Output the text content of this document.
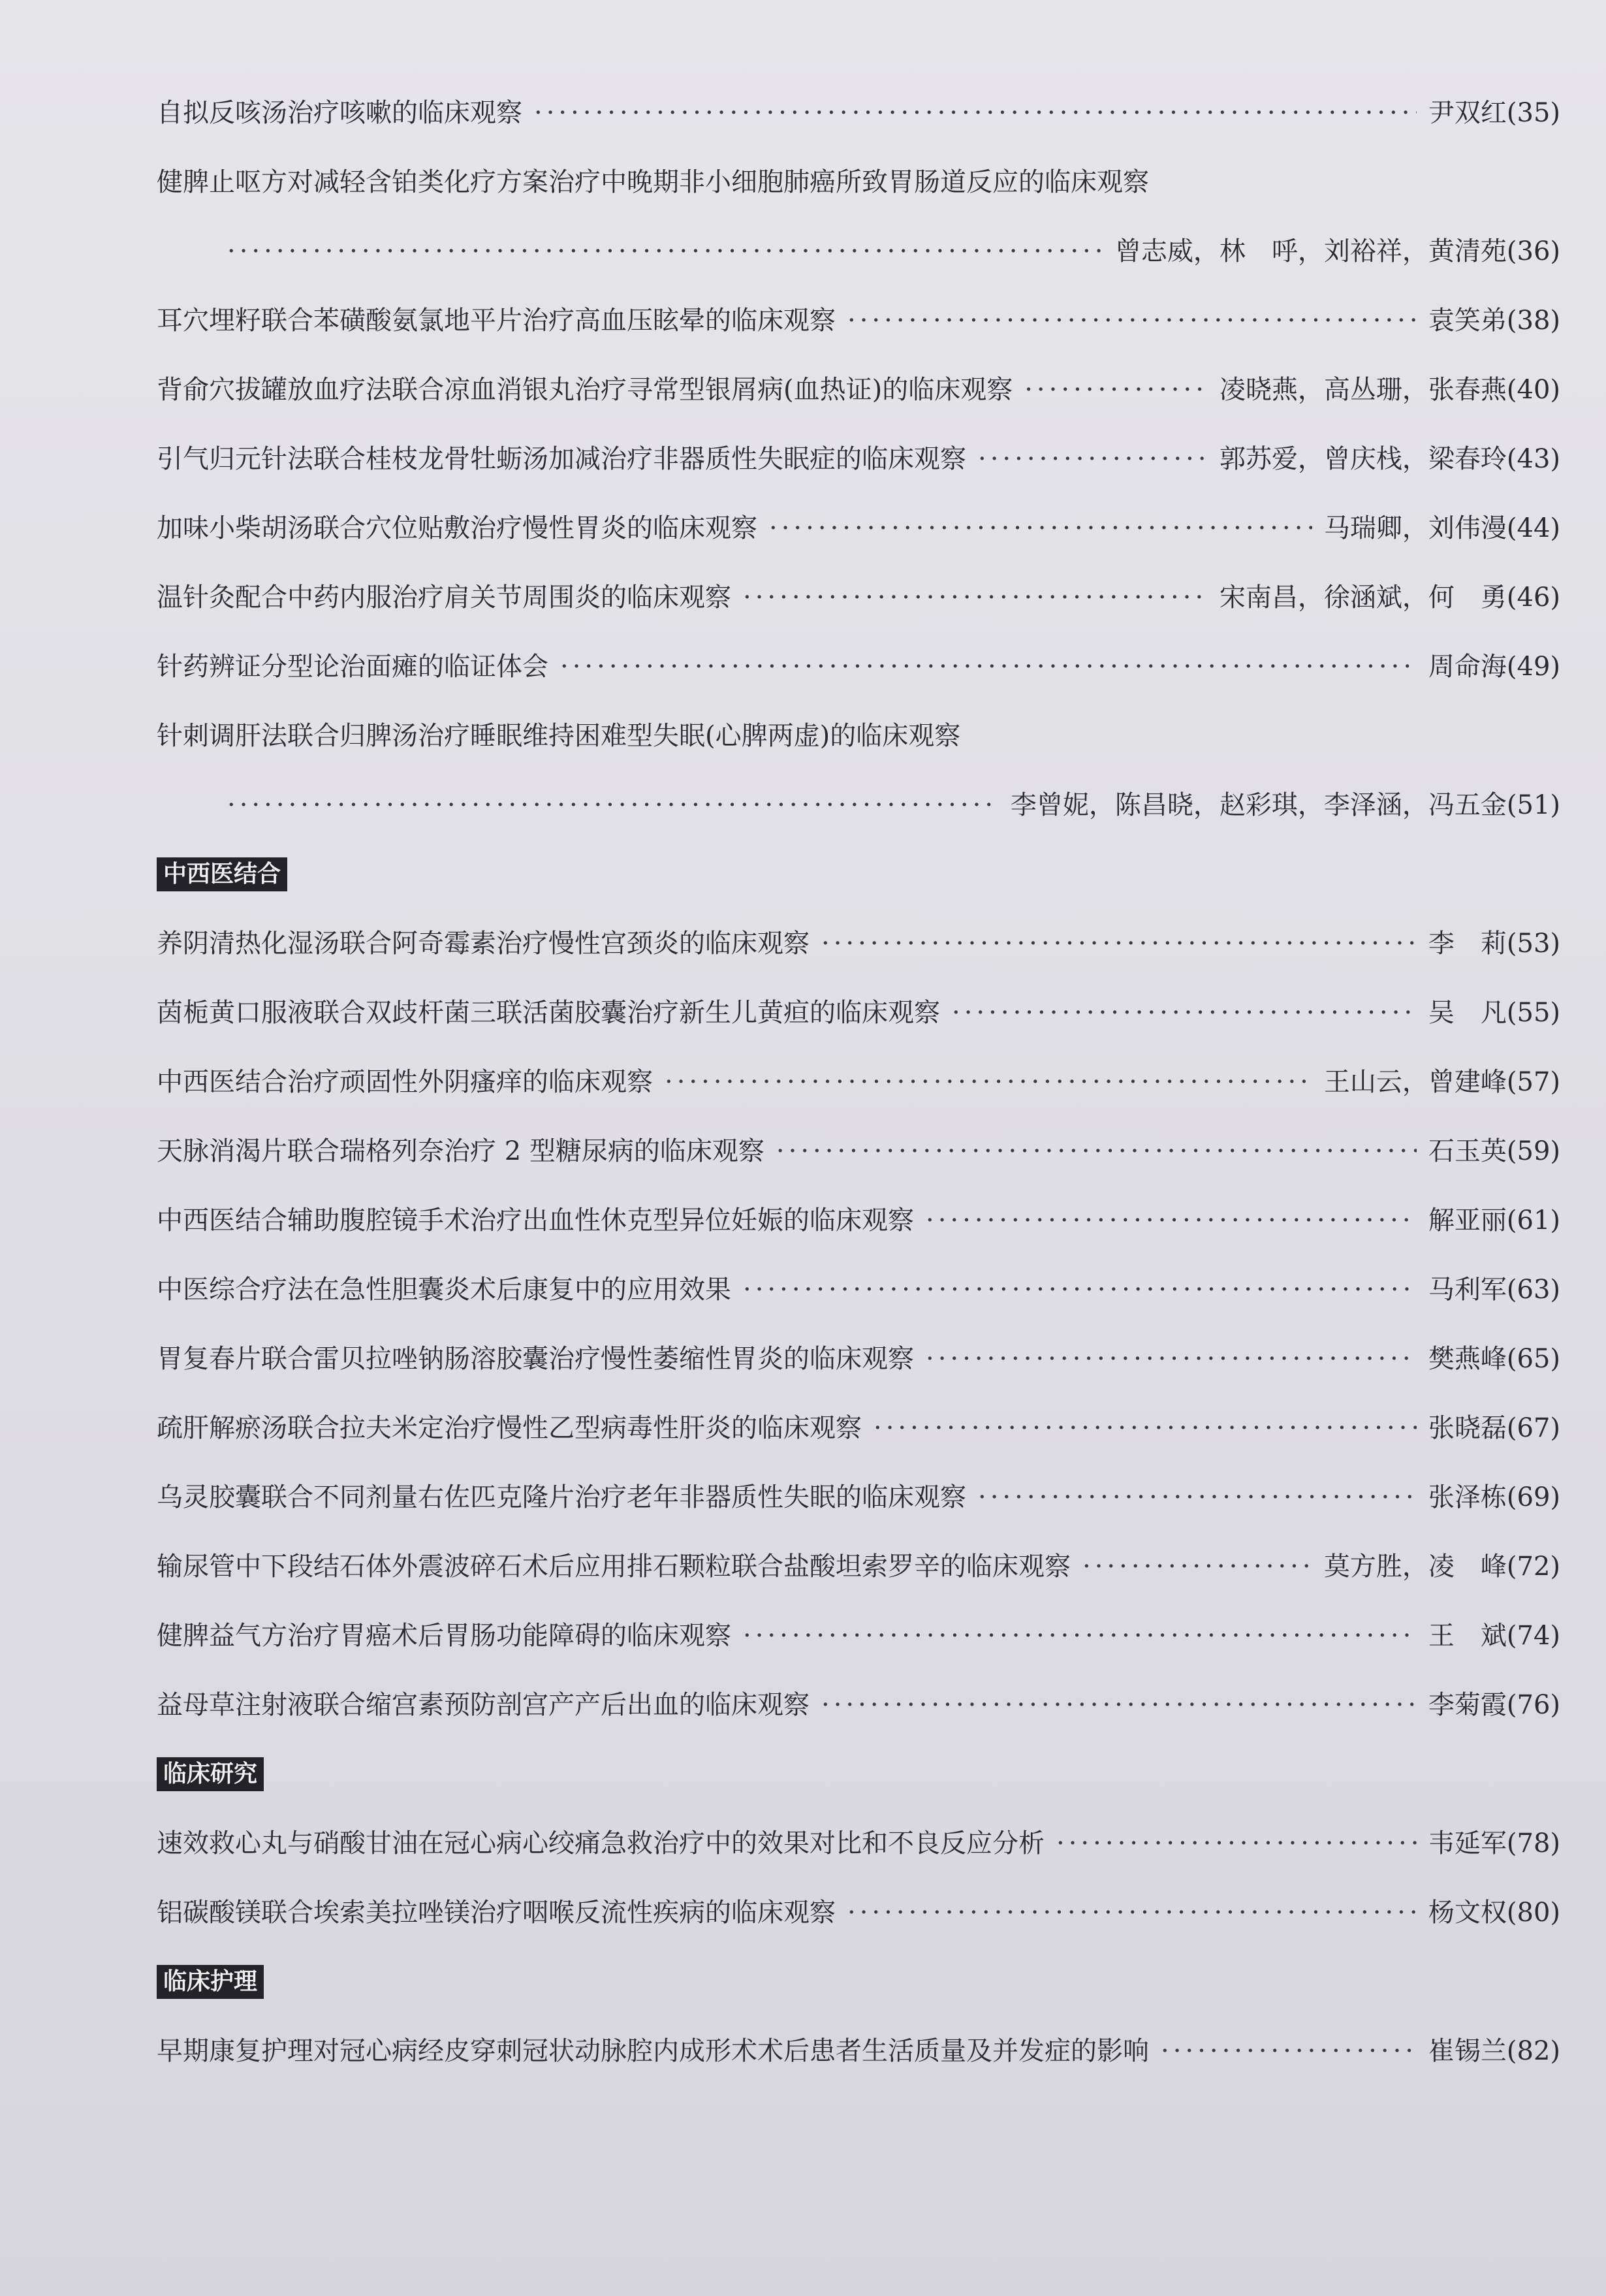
自拟反咳汤治疗咳嗽的临床观察 ·····	尹双红(35)
健脾止呕方对减轻含铂类化疗方案治疗中晚期非小细胞肺癌所致胃肠道反应的临床观察
·····
曾志威，林　呼，刘裕祥，黄清苑(36)
耳穴埋籽联合苯磺酸氨氯地平片治疗高血压眩晕的临床观察 ·····	袁笑弟(38)
背俞穴拔罐放血疗法联合凉血消银丸治疗寻常型银屑病(血热证)的临床观察 ·····	凌晓燕，高丛珊，张春燕(40)
引气归元针法联合桂枝龙骨牡蛎汤加减治疗非器质性失眠症的临床观察 ·····	郭苏爱，曾庆栈，梁春玲(43)
加味小柴胡汤联合穴位贴敷治疗慢性胃炎的临床观察 ·····	马瑞卿，刘伟漫(44)
温针灸配合中药内服治疗肩关节周围炎的临床观察 ·····	宋南昌，徐涵斌，何　勇(46)
针药辨证分型论治面瘫的临证体会 ·····	周命海(49)
针刺调肝法联合归脾汤治疗睡眠维持困难型失眠(心脾两虚)的临床观察
·····
李曾妮，陈昌晓，赵彩琪，李泽涵，冯五金(51)
中西医结合
养阴清热化湿汤联合阿奇霉素治疗慢性宫颈炎的临床观察 ·····	李　莉(53)
茵栀黄口服液联合双歧杆菌三联活菌胶囊治疗新生儿黄疸的临床观察 ·····	吴　凡(55)
中西医结合治疗顽固性外阴瘙痒的临床观察 ·····	王山云，曾建峰(57)
天脉消渴片联合瑞格列奈治疗 2 型糖尿病的临床观察 ·····	石玉英(59)
中西医结合辅助腹腔镜手术治疗出血性休克型异位妊娠的临床观察 ·····	解亚丽(61)
中医综合疗法在急性胆囊炎术后康复中的应用效果 ·····	马利军(63)
胃复春片联合雷贝拉唑钠肠溶胶囊治疗慢性萎缩性胃炎的临床观察 ·····	樊燕峰(65)
疏肝解瘀汤联合拉夫米定治疗慢性乙型病毒性肝炎的临床观察 ·····	张晓磊(67)
乌灵胶囊联合不同剂量右佐匹克隆片治疗老年非器质性失眠的临床观察 ·····	张泽栋(69)
输尿管中下段结石体外震波碎石术后应用排石颗粒联合盐酸坦索罗辛的临床观察 ·····	莫方胜，凌　峰(72)
健脾益气方治疗胃癌术后胃肠功能障碍的临床观察 ·····	王　斌(74)
益母草注射液联合缩宫素预防剖宫产产后出血的临床观察 ·····	李菊霞(76)
临床研究
速效救心丸与硝酸甘油在冠心病心绞痛急救治疗中的效果对比和不良反应分析 ·····	韦延军(78)
铝碳酸镁联合埃索美拉唑镁治疗咽喉反流性疾病的临床观察 ·····	杨文权(80)
临床护理
早期康复护理对冠心病经皮穿刺冠状动脉腔内成形术术后患者生活质量及并发症的影响 ·····	崔锡兰(82)
